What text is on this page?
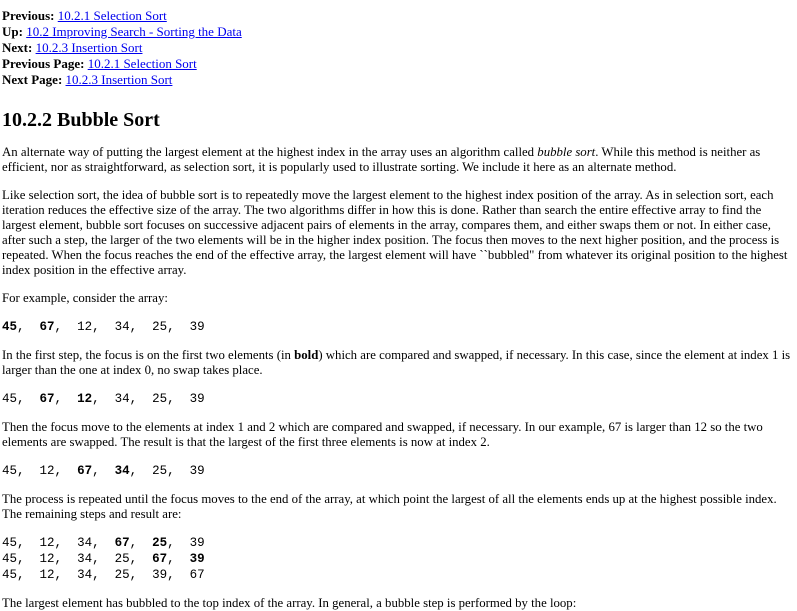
Previous: 10.2.1 Selection Sort
Up: 10.2 Improving Search - Sorting the Data
Next: 10.2.3 Insertion Sort
Previous Page: 10.2.1 Selection Sort
Next Page: 10.2.3 Insertion Sort
10.2.2 Bubble Sort

An alternate way of putting the largest element at the highest index in the array uses an algorithm called bubble sort. While this method is neither as efficient, nor as straightforward, as selection sort, it is popularly used to illustrate sorting. We include it here as an alternate method.

Like selection sort, the idea of bubble sort is to repeatedly move the largest element to the highest index position of the array. As in selection sort, each iteration reduces the effective size of the array. The two algorithms differ in how this is done. Rather than search the entire effective array to find the largest element, bubble sort focuses on successive adjacent pairs of elements in the array, compares them, and either swaps them or not. In either case, after such a step, the larger of the two elements will be in the higher index position. The focus then moves to the next higher position, and the process is repeated. When the focus reaches the end of the effective array, the largest element will have ``bubbled" from whatever its original position to the highest index position in the effective array.

For example, consider the array:

45,  67,  12,  34,  25,  39

In the first step, the focus is on the first two elements (in bold) which are compared and swapped, if necessary. In this case, since the element at index 1 is larger than the one at index 0, no swap takes place.

45,  67,  12,  34,  25,  39

Then the focus move to the elements at index 1 and 2 which are compared and swapped, if necessary. In our example, 67 is larger than 12 so the two elements are swapped. The result is that the largest of the first three elements is now at index 2.

45,  12,  67,  34,  25,  39

The process is repeated until the focus moves to the end of the array, at which point the largest of all the elements ends up at the highest possible index. The remaining steps and result are:

45,  12,  34,  67,  25,  39
45,  12,  34,  25,  67,  39
45,  12,  34,  25,  39,  67

The largest element has bubbled to the top index of the array. In general, a bubble step is performed by the loop:
